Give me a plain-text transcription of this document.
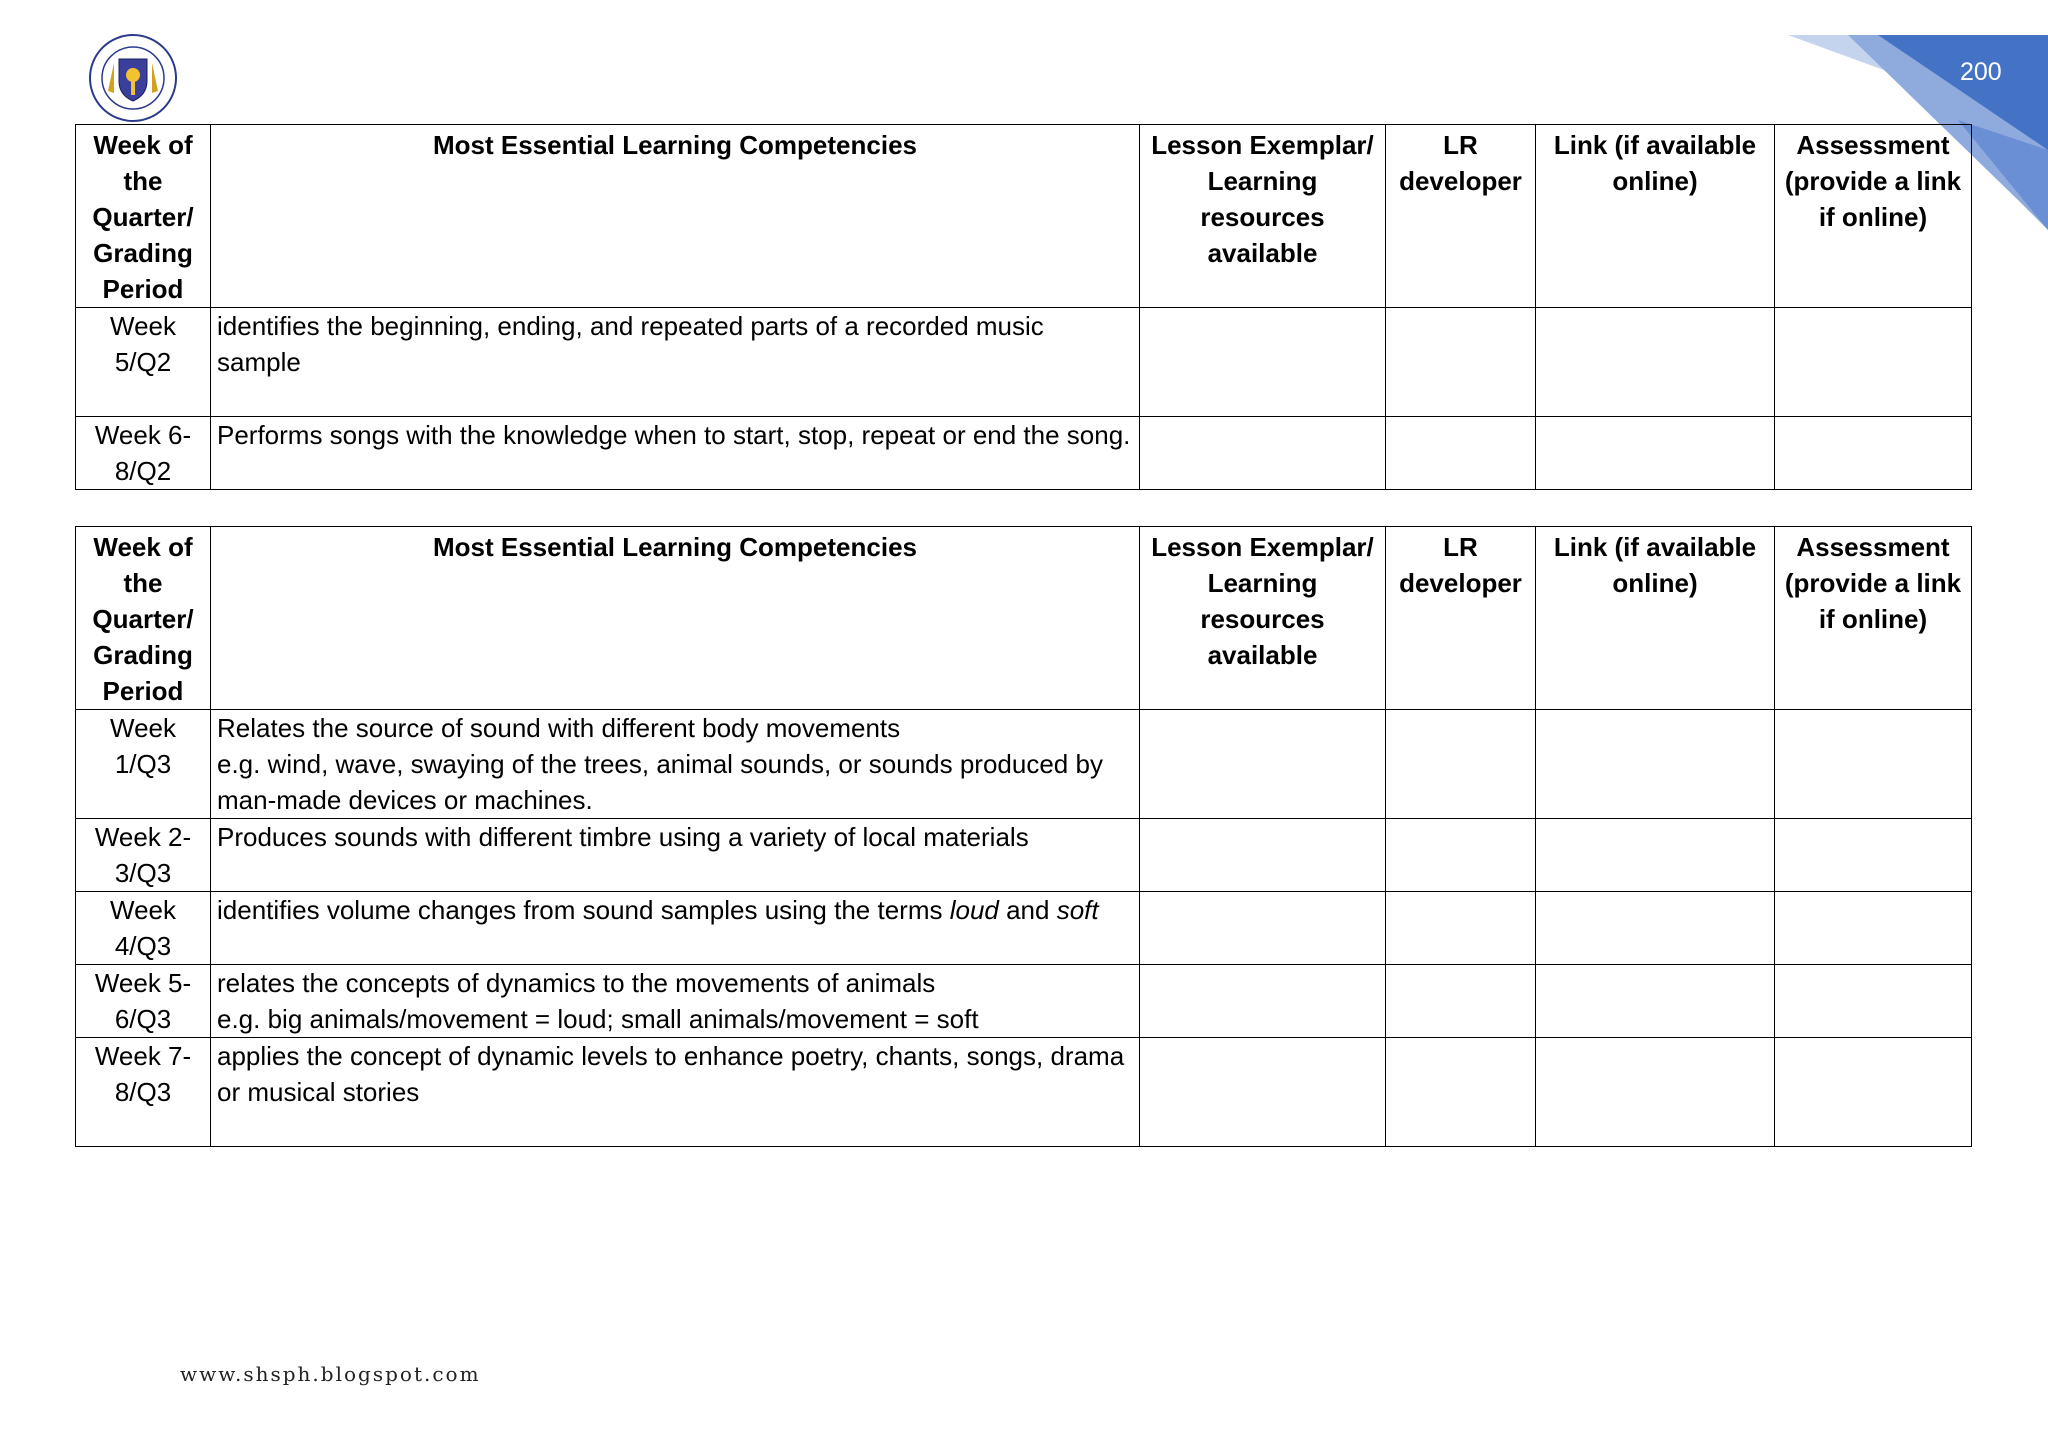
200
Week of the Quarter/ Grading Period	Most Essential Learning Competencies	Lesson Exemplar/ Learning resources available	LR developer	Link (if available online)	Assessment (provide a link if online)
Week 5/Q2	identifies the beginning, ending, and repeated parts of a recorded music sample				
Week 6-8/Q2	Performs songs with the knowledge when to start, stop, repeat or end the song.				
Week of the Quarter/ Grading Period	Most Essential Learning Competencies	Lesson Exemplar/ Learning resources available	LR developer	Link (if available online)	Assessment (provide a link if online)
Week 1/Q3	Relates the source of sound with different body movements
e.g. wind, wave, swaying of the trees, animal sounds, or sounds produced by man-made devices or machines.				

Week 2-3/Q3	Produces sounds with different timbre using a variety of local materials				
Week 4/Q3	identifies volume changes from sound samples using the terms loud and soft				
Week 5-6/Q3	relates the concepts of dynamics to the movements of animals
e.g. big animals/movement = loud; small animals/movement = soft				

Week 7-8/Q3	applies the concept of dynamic levels to enhance poetry, chants, songs, drama or musical stories				
www.shsph.blogspot.com
